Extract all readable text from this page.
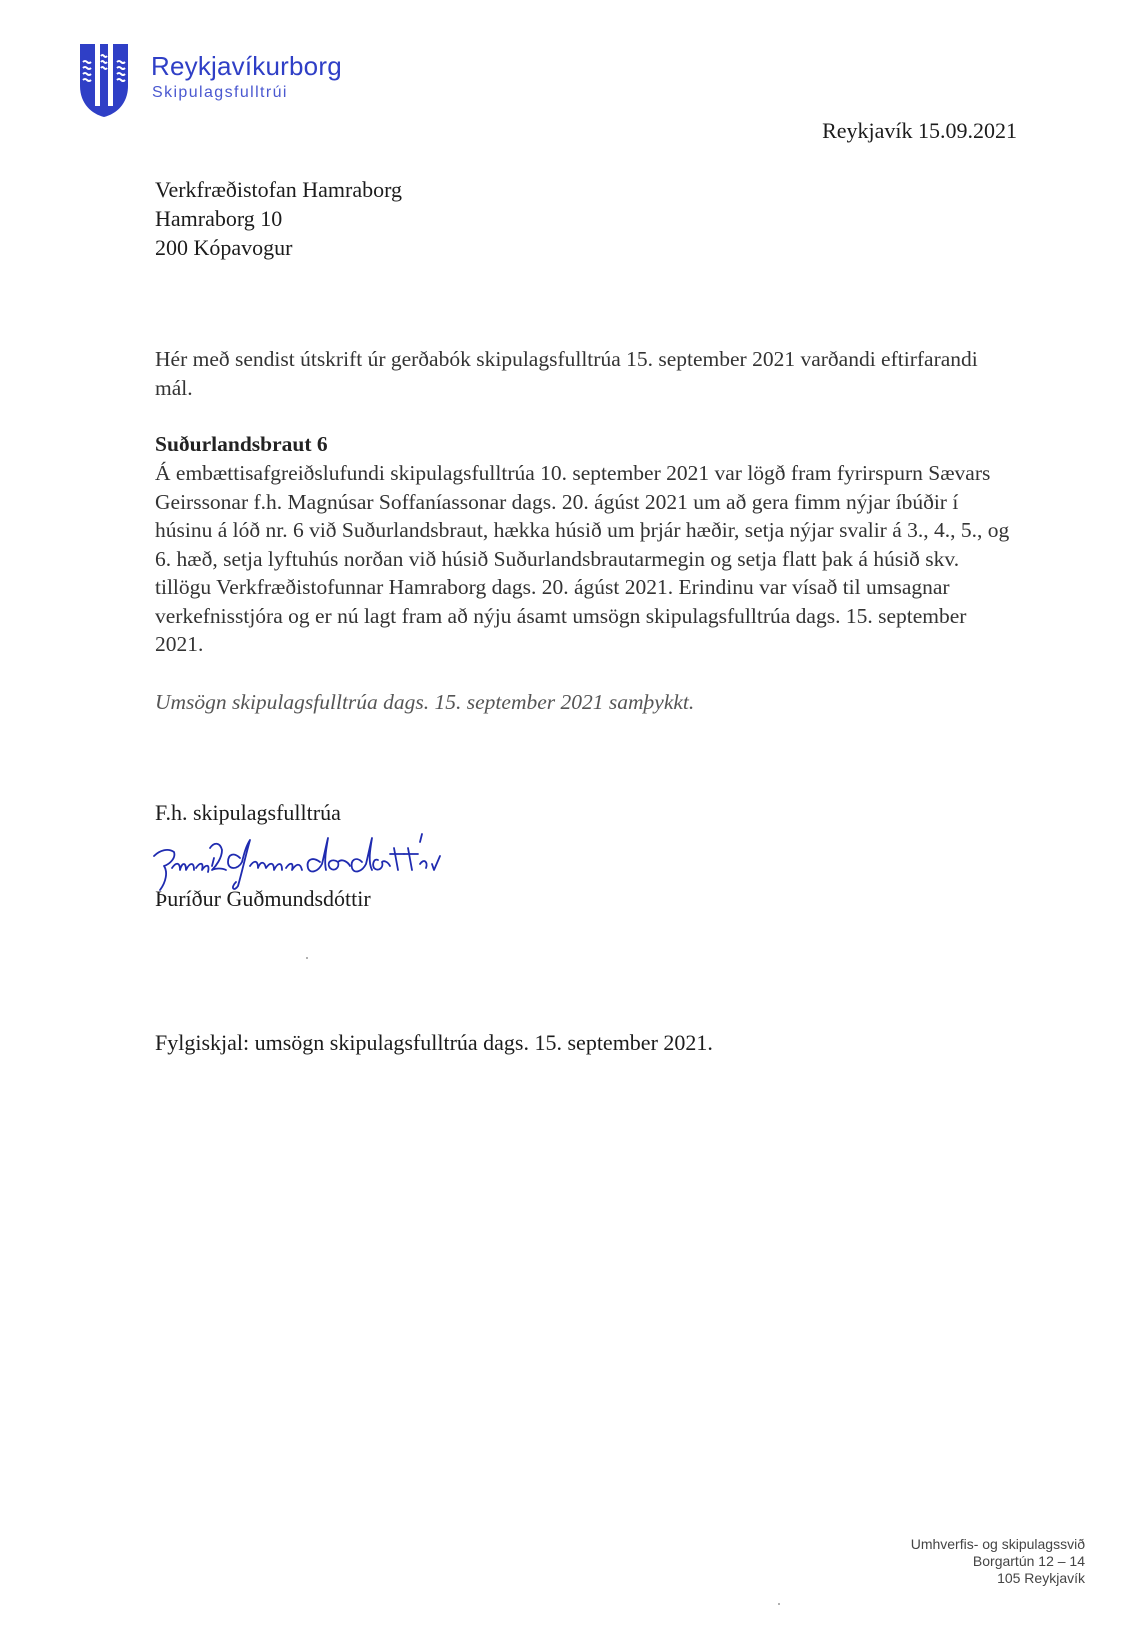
Reykjavíkurborg
Skipulagsfulltrúi
Reykjavík 15.09.2021
Verkfræðistofan Hamraborg
Hamraborg 10
200 Kópavogur
Hér með sendist útskrift úr gerðabók skipulagsfulltrúa 15. september 2021 varðandi eftirfarandi mál.
Suðurlandsbraut 6
Á embættisafgreiðslufundi skipulagsfulltrúa 10. september 2021 var lögð fram fyrirspurn Sævars Geirssonar f.h. Magnúsar Soffaníassonar dags. 20. ágúst 2021 um að gera fimm nýjar íbúðir í húsinu á lóð nr. 6 við Suðurlandsbraut, hækka húsið um þrjár hæðir, setja nýjar svalir á 3., 4., 5., og 6. hæð, setja lyftuhús norðan við húsið Suðurlandsbrautarmegin og setja flatt þak á húsið skv. tillögu Verkfræðistofunnar Hamraborg dags. 20. ágúst 2021. Erindinu var vísað til umsagnar verkefnisstjóra og er nú lagt fram að nýju ásamt umsögn skipulagsfulltrúa dags. 15. september 2021.
Umsögn skipulagsfulltrúa dags. 15. september 2021 samþykkt.
F.h. skipulagsfulltrúa
Þuríður Guðmundsdóttir
Fylgiskjal: umsögn skipulagsfulltrúa dags. 15. september 2021.
Umhverfis- og skipulagssvið
Borgartún 12 – 14
105 Reykjavík
